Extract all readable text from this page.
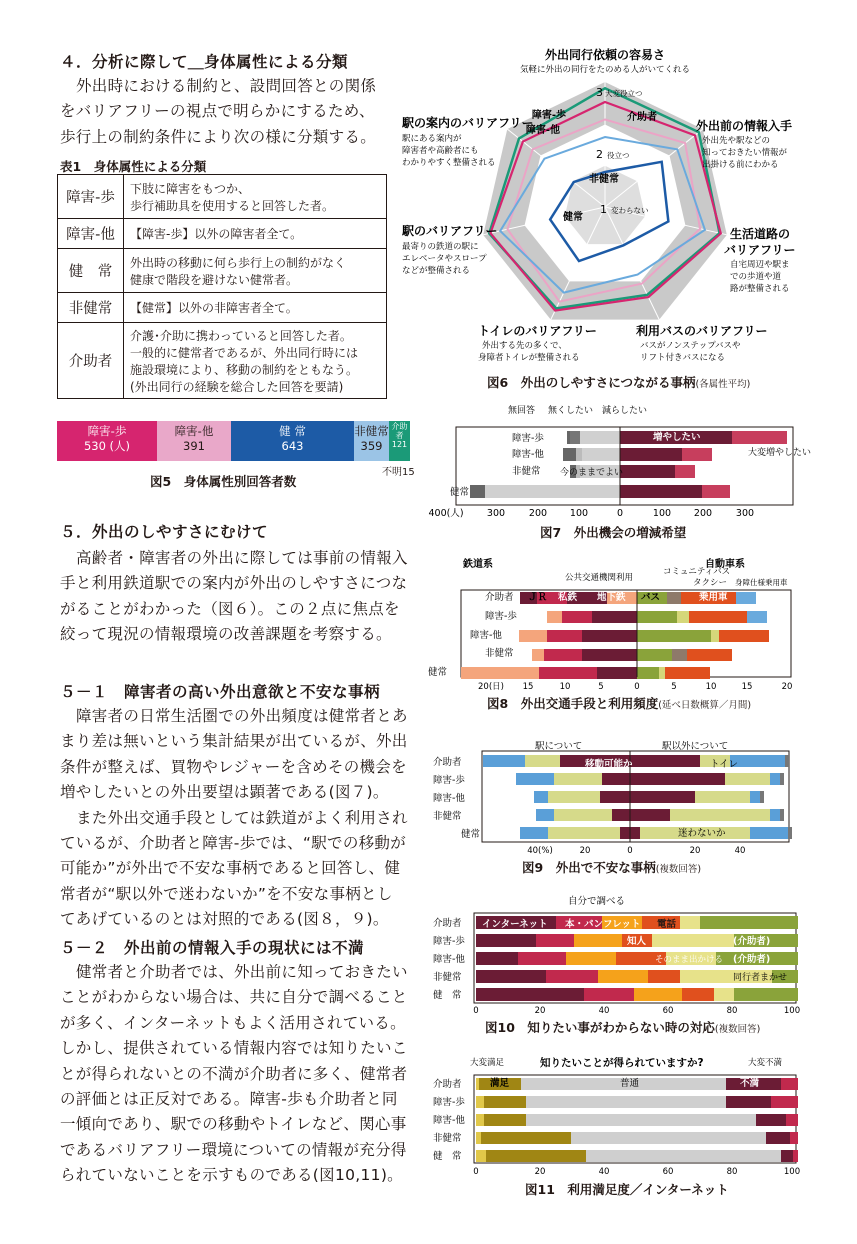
４．分析に際して＿身体属性による分類

外出時における制約と、設問回答との関係

をバリアフリーの視点で明らかにするため、

歩行上の制約条件により次の様に分類する。

表1　身体属性による分類
障害‐歩	下肢に障害をもつか、
歩行補助具を使用すると回答した者。
障害‐他	【障害‐歩】以外の障害者全て。
健　常	外出時の移動に何ら歩行上の制約がなく
健康で階段を避けない健常者。
非健常	【健常】以外の非障害者全て。
介助者	介護･介助に携わっていると回答した者。
一般的に健常者であるが、外出同行時には
施設環境により、移動の制約をともなう。
(外出同行の経験を総合した回答を要請)
障害‐歩
530 (人)
障害‐他
391
健 常
643
非健常
359
介助者
121
不明15
図5　身体属性別回答者数
５．外出のしやすさにむけて

高齢者・障害者の外出に際しては事前の情報入

手と利用鉄道駅での案内が外出のしやすさにつな

がることがわかった（図６）。この２点に焦点を

絞って現況の情報環境の改善課題を考察する。

５－１　障害者の高い外出意欲と不安な事柄

障害者の日常生活圏での外出頻度は健常者とあ

まり差は無いという集計結果が出ているが、外出

条件が整えば、買物やレジャーを含めその機会を

増やしたいとの外出要望は顕著である(図７)。

また外出交通手段としては鉄道がよく利用され

ているが、介助者と障害‐歩では、“駅での移動が

可能か”が外出で不安な事柄であると回答し、健

常者が“駅以外で迷わないか”を不安な事柄とし

てあげているのとは対照的である(図８，９)。

５－２　外出前の情報入手の現状には不満

健常者と介助者では、外出前に知っておきたい

ことがわからない場合は、共に自分で調べること

が多く、インターネットもよく活用されている。

しかし、提供されている情報内容では知りたいこ

とが得られないとの不満が介助者に多く、健常者

の評価とは正反対である。障害‐歩も介助者と同

一傾向であり、駅での移動やトイレなど、関心事

であるバリアフリー環境についての情報が充分得

られていないことを示すものである(図10,11)。

3 大変役立つ
2 役立つ
1 変わらない
外出同行依頼の容易さ
気軽に外出の同行をたのめる人がいてくれる
外出前の情報入手
外出先や駅などの
知っておきたい情報が
出掛ける前にわかる
生活道路の
バリアフリー
自宅周辺や駅ま
での歩道や道
路が整備される
利用バスのバリアフリー
バスがノンステップバスや
リフト付きバスになる
トイレのバリアフリー
外出する先の多くで、
身障者トイレが整備される
駅のバリアフリー
最寄りの鉄道の駅に
エレベータやスロープ
などが整備される
駅の案内のバリアフリー
駅にある案内が
障害者や高齢者にも
わかりやすく整備される
障害‐歩
障害‐他
介助者
非健常
健常
図6　外出のしやすさにつながる事柄(各属性平均)
無回答 無くしたい 減らしたい
増やしたい
大変増やしたい
今のままでよい
障害‐歩
障害‐他
非健常
健常
400(人) 300	200 100	0	100 200	300
図7　外出機会の増減希望
鉄道系	自動車系
公共交通機関利用
コミュニティバス
タクシー 身障仕様乗用車
ＪＲ 私鉄 地下鉄 バス	乗用車
介助者
障害‐歩
障害‐他
非健常
健常
20(日) 15	10	5	0	5	10	15	20
図8　外出交通手段と利用頻度(延べ日数概算／月間)
駅について	駅以外について
移動可能か	トイレ
迷わないか
介助者
障害‐歩
障害‐他
非健常
健常
40(%)	20	0	20	40
図9　外出で不安な事柄(複数回答)
自分で調べる
インターネット 本・パンフレット 電話
知人	(介助者)
(介助者)
そのまま出かける
同行者まかせ
介助者
障害‐歩
障害‐他
非健常
健　常
0	20	40	60	80	100
図10　知りたい事がわからない時の対応(複数回答)
大変満足	知りたいことが得られていますか?	大変不満
満足	普通	不満
介助者
障害‐歩
障害‐他
非健常
健　常
0	20	40	60	80	100
図11　利用満足度／インターネット
